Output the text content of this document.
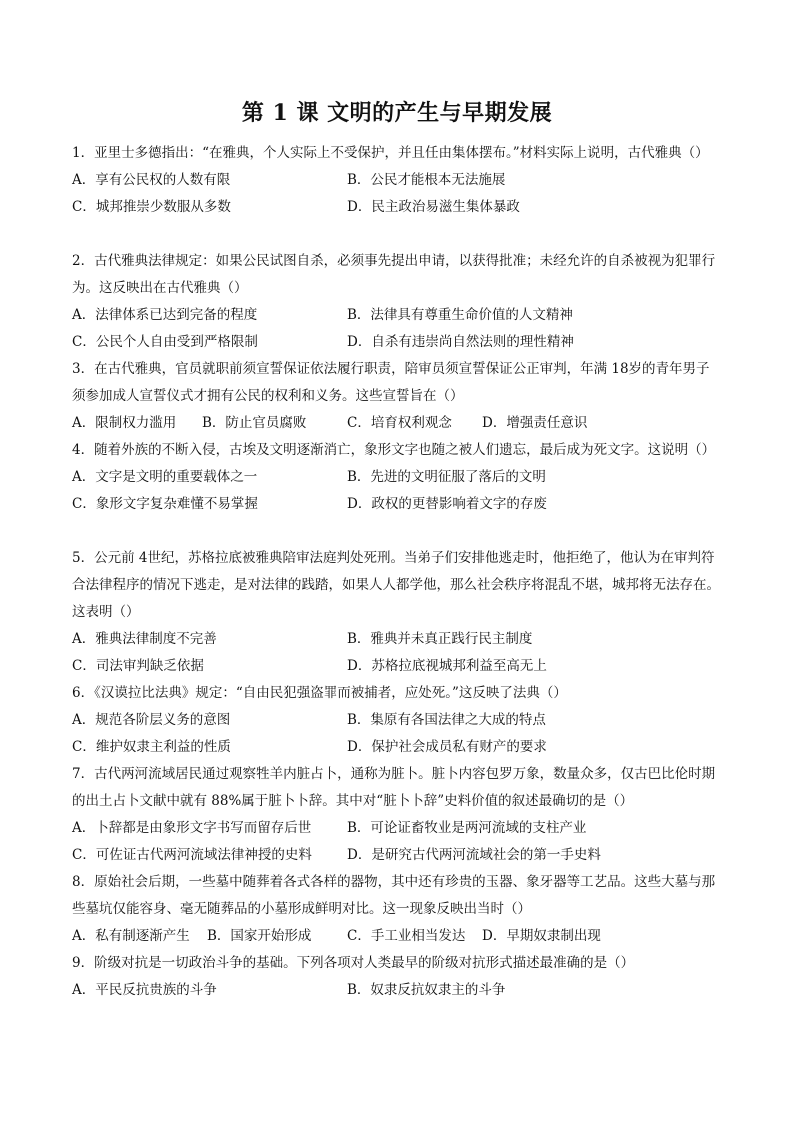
第 1 课 文明的产生与早期发展
1．亚里士多德指出：“在雅典，个人实际上不受保护，并且任由集体摆布。”材料实际上说明，古代雅典（）
A．享有公民权的人数有限	B．公民才能根本无法施展
C．城邦推崇少数服从多数	D．民主政治易滋生集体暴政
2．古代雅典法律规定：如果公民试图自杀，必须事先提出申请，以获得批准；未经允许的自杀被视为犯罪行为。这反映出在古代雅典（）
A．法律体系已达到完备的程度	B．法律具有尊重生命价值的人文精神
C．公民个人自由受到严格限制	D．自杀有违崇尚自然法则的理性精神
3．在古代雅典，官员就职前须宣誓保证依法履行职责，陪审员须宣誓保证公正审判，年满 18岁的青年男子须参加成人宣誓仪式才拥有公民的权利和义务。这些宣誓旨在（）
A．限制权力滥用 B．防止官员腐败	C．培育权利观念 D．增强责任意识
4．随着外族的不断入侵，古埃及文明逐渐消亡，象形文字也随之被人们遗忘，最后成为死文字。这说明（）
A．文字是文明的重要载体之一	B．先进的文明征服了落后的文明
C．象形文字复杂难懂不易掌握	D．政权的更替影响着文字的存废
5．公元前 4世纪，苏格拉底被雅典陪审法庭判处死刑。当弟子们安排他逃走时，他拒绝了，他认为在审判符合法律程序的情况下逃走，是对法律的践踏，如果人人都学他，那么社会秩序将混乱不堪，城邦将无法存在。这表明（）
A．雅典法律制度不完善	B．雅典并未真正践行民主制度
C．司法审判缺乏依据	D．苏格拉底视城邦利益至高无上
6．《汉谟拉比法典》规定：“自由民犯强盗罪而被捕者，应处死。”这反映了法典（）
A．规范各阶层义务的意图	B．集原有各国法律之大成的特点
C．维护奴隶主利益的性质	D．保护社会成员私有财产的要求
7．古代两河流域居民通过观察牲羊内脏占卜，通称为脏卜。脏卜内容包罗万象，数量众多，仅古巴比伦时期的出土占卜文献中就有 88%属于脏卜卜辞。其中对“脏卜卜辞”史料价值的叙述最确切的是（）
A．卜辞都是由象形文字书写而留存后世	B．可论证畜牧业是两河流域的支柱产业
C．可佐证古代两河流域法律神授的史料	D．是研究古代两河流域社会的第一手史料
8．原始社会后期，一些墓中随葬着各式各样的器物，其中还有珍贵的玉器、象牙器等工艺品。这些大墓与那些墓坑仅能容身、毫无随葬品的小墓形成鲜明对比。这一现象反映出当时（）
A．私有制逐渐产生 B．国家开始形成	C．手工业相当发达 D．早期奴隶制出现
9．阶级对抗是一切政治斗争的基础。下列各项对人类最早的阶级对抗形式描述最准确的是（）
A．平民反抗贵族的斗争	B．奴隶反抗奴隶主的斗争
